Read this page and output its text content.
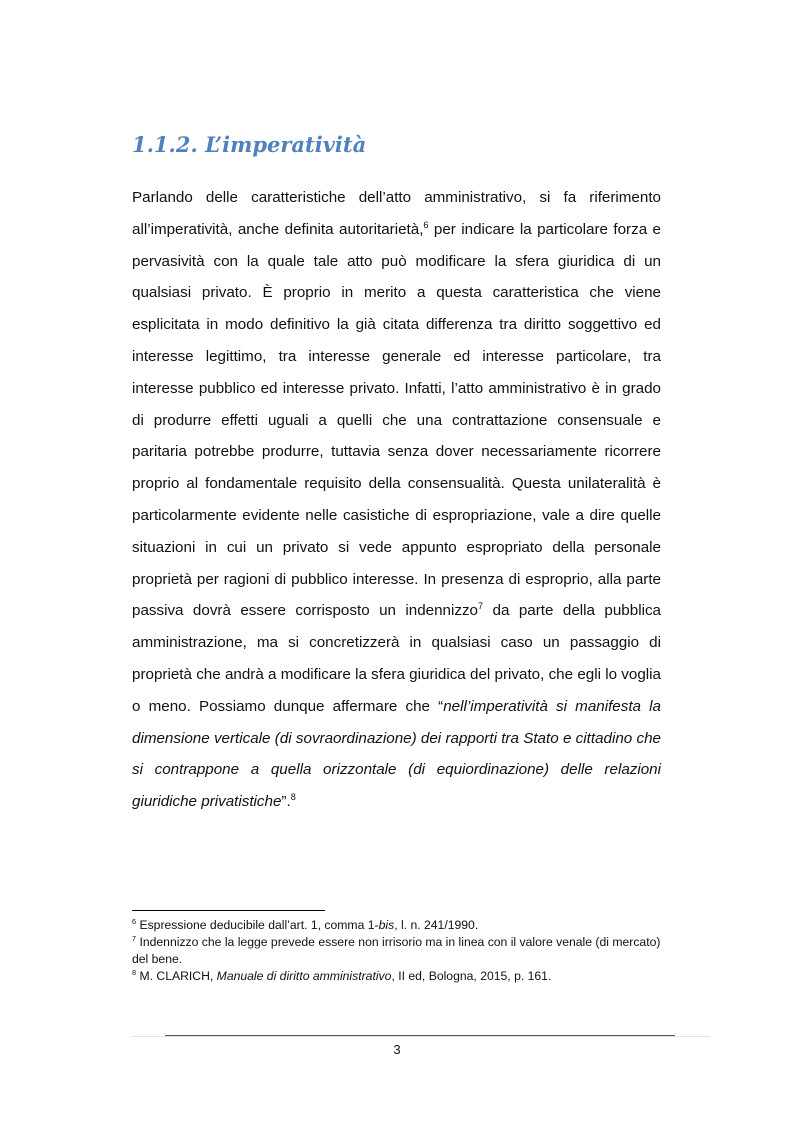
1.1.2. L’imperatività

Parlando delle caratteristiche dell’atto amministrativo, si fa riferimento all’imperatività, anche definita autoritarietà,$^6$ per indicare la particolare forza e pervasività con la quale tale atto può modificare la sfera giuridica di un qualsiasi privato. È proprio in merito a questa caratteristica che viene esplicitata in modo definitivo la già citata differenza tra diritto soggettivo ed interesse legittimo, tra interesse generale ed interesse particolare, tra interesse pubblico ed interesse privato. Infatti, l’atto amministrativo è in grado di produrre effetti uguali a quelli che una contrattazione consensuale e paritaria potrebbe produrre, tuttavia senza dover necessariamente ricorrere proprio al fondamentale requisito della consensualità. Questa unilateralità è particolarmente evidente nelle casistiche di espropriazione, vale a dire quelle situazioni in cui un privato si vede appunto espropriato della personale proprietà per ragioni di pubblico interesse. In presenza di esproprio, alla parte passiva dovrà essere corrisposto un indennizzo$^7$ da parte della pubblica amministrazione, ma si concretizzerà in qualsiasi caso un passaggio di proprietà che andrà a modificare la sfera giuridica del privato, che egli lo voglia o meno. Possiamo dunque affermare che “nell’imperatività si manifesta la dimensione verticale (di sovraordinazione) dei rapporti tra Stato e cittadino che si contrappone a quella orizzontale (di equiordinazione) delle relazioni giuridiche privatistiche”.$^8$

$^6$ Espressione deducibile dall’art. 1, comma 1-bis, l. n. 241/1990.

$^7$ Indennizzo che la legge prevede essere non irrisorio ma in linea con il valore venale (di mercato) del bene.

$^8$ M. CLARICH, Manuale di diritto amministrativo, II ed, Bologna, 2015, p. 161.

3
